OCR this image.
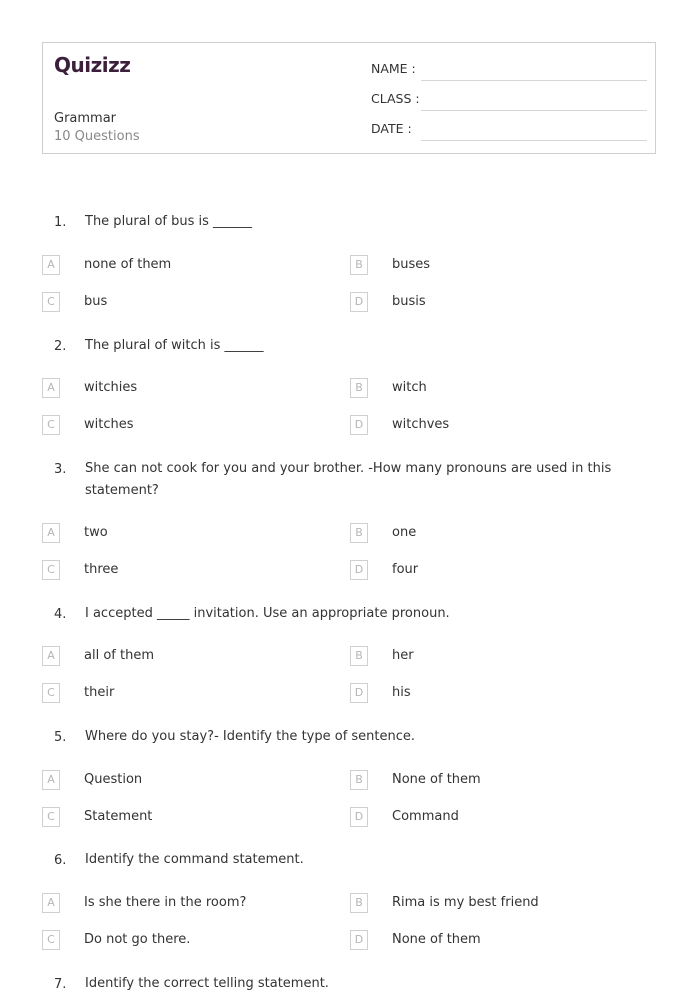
Quizizz
Grammar
10 Questions
NAME :
CLASS :
DATE :
1. The plural of bus is ______
A	none of them	B	buses
C	bus	D	busis
2. The plural of witch is ______
A	witchies	B	witch
C	witches	D	witchves
3. She can not cook for you and your brother. -How many pronouns are used in this statement?
A	two	B	one
C	three	D	four
4. I accepted _____ invitation. Use an appropriate pronoun.
A	all of them	B	her
C	their	D	his
5. Where do you stay?- Identify the type of sentence.
A	Question	B	None of them
C	Statement	D	Command
6. Identify the command statement.
A	Is she there in the room?	B	Rima is my best friend
C	Do not go there.	D	None of them
7. Identify the correct telling statement.
